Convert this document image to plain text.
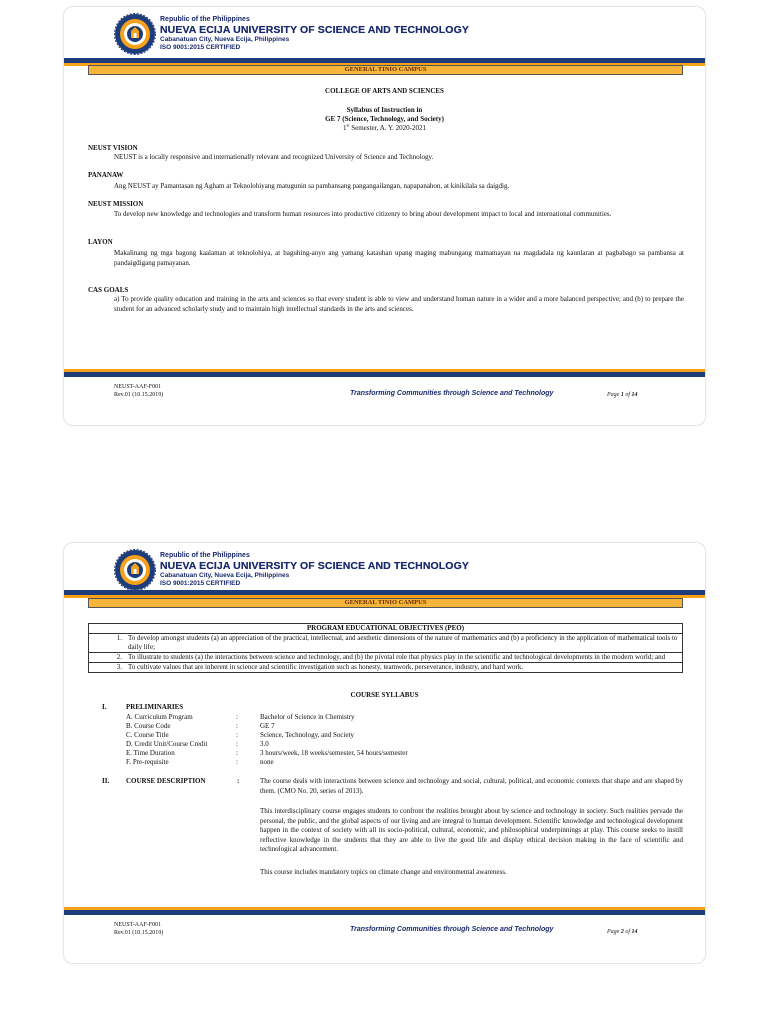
Republic of the Philippines
NUEVA ECIJA UNIVERSITY OF SCIENCE AND TECHNOLOGY
Cabanatuan City, Nueva Ecija, Philippines
ISO 9001:2015 CERTIFIED
GENERAL TINIO CAMPUS
COLLEGE OF ARTS AND SCIENCES
Syllabus of Instruction in
GE 7 (Science, Technology, and Society)
1st Semester, A. Y. 2020-2021
NEUST VISION
NEUST is a locally responsive and internationally relevant and recognized University of Science and Technology.
PANANAW
Ang NEUST ay Pamantasan ng Agham at Teknolohiyang matugunin sa pambansang pangangailangan, napapanahon, at kinikilala sa daigdig.
NEUST MISSION
To develop new knowledge and technologies and transform human resources into productive citizenry to bring about development impact to local and international communities.
LAYON
Makalinang ng mga bagong kaalaman at teknolohiya, at baguhing-anyo ang yamang katauhan upang maging mabungang mamamayan na magdadala ng kaunlaran at pagbabago sa pambansa at pandaigdigang pamayanan.
CAS GOALS
a) To provide quality education and training in the arts and sciences so that every student is able to view and understand human nature in a wider and a more balanced perspective; and (b) to prepare the student for an advanced scholarly study and to maintain high intellectual standards in the arts and sciences.
NEUST-AAF-F001
Rev.01 (10.15.2019)	Transforming Communities through Science and Technology	Page 1 of 14
Republic of the Philippines
NUEVA ECIJA UNIVERSITY OF SCIENCE AND TECHNOLOGY
Cabanatuan City, Nueva Ecija, Philippines
ISO 9001:2015 CERTIFIED
GENERAL TINIO CAMPUS
PROGRAM EDUCATIONAL OBJECTIVES (PEO)	
1.	To develop amongst students (a) an appreciation of the practical, intellectual, and aesthetic dimensions of the nature of mathematics and (b) a proficiency in the application of mathematical tools to daily life;
2.	To illustrate to students (a) the interactions between science and technology, and (b) the pivotal role that physics play in the scientific and technological developments in the modern world; and
3.	To cultivate values that are inherent in science and scientific investigation such as honesty, teamwork, perseverance, industry, and hard work.
COURSE SYLLABUS
I.	PRELIMINARIES
A. Curriculum Program	:	Bachelor of Science in Chemistry
B. Course Code	:	GE 7
C. Course Title	:	Science, Technology, and Society
D. Credit Unit/Course Credit	:	3.0
E. Time Duration	:	3 hours/week, 18 weeks/semester, 54 hours/semester
F. Pre-requisite	:	none
II. COURSE DESCRIPTION	:	The course deals with interactions between science and technology and social, cultural, political, and economic contexts that shape and are shaped by them. (CMO No. 20, series of 2013).
This interdisciplinary course engages students to confront the realities brought about by science and technology in society. Such realities pervade the personal, the public, and the global aspects of our living and are integral to human development. Scientific knowledge and technological development happen in the context of society with all its socio-political, cultural, economic, and philosophical underpinnings at play. This course seeks to instill reflective knowledge in the students that they are able to live the good life and display ethical decision making in the face of scientific and technological advancement.
This course includes mandatory topics on climate change and environmental awareness.
NEUST-AAF-F001
Rev.01 (10.15.2019)	Transforming Communities through Science and Technology	Page 2 of 14
